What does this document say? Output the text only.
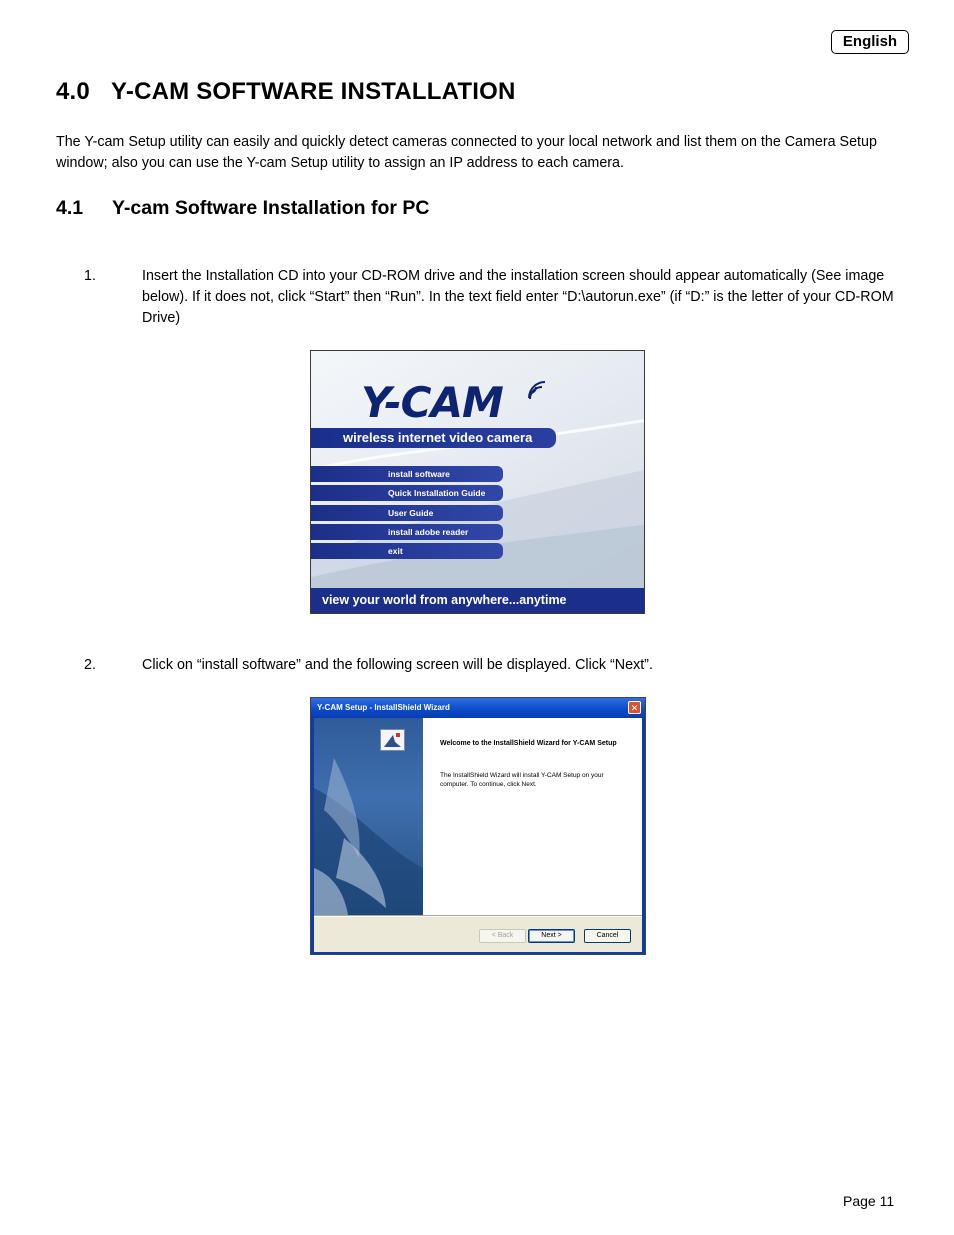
English
4.0 Y-CAM SOFTWARE INSTALLATION

The Y-cam Setup utility can easily and quickly detect cameras connected to your local network and list them on the Camera Setup window; also you can use the Y-cam Setup utility to assign an IP address to each camera.

4.1 Y-cam Software Installation for PC
1.	Insert the Installation CD into your CD-ROM drive and the installation screen should appear automatically (See image below). If it does not, click “Start” then “Run”. In the text field enter “D:\autorun.exe” (if “D:” is the letter of your CD-ROM Drive)
Y-CAM
wireless internet video camera
install software
Quick Installation Guide
User Guide
install adobe reader
exit
view your world from anywhere...anytime
2.	Click on “install software” and the following screen will be displayed. Click “Next”.
Y-CAM Setup - InstallShield Wizard	✕
Welcome to the InstallShield Wizard for Y-CAM Setup
The InstallShield Wizard will install Y-CAM Setup on your computer. To continue, click Next.
< Back	Next >	Cancel
Page 11
